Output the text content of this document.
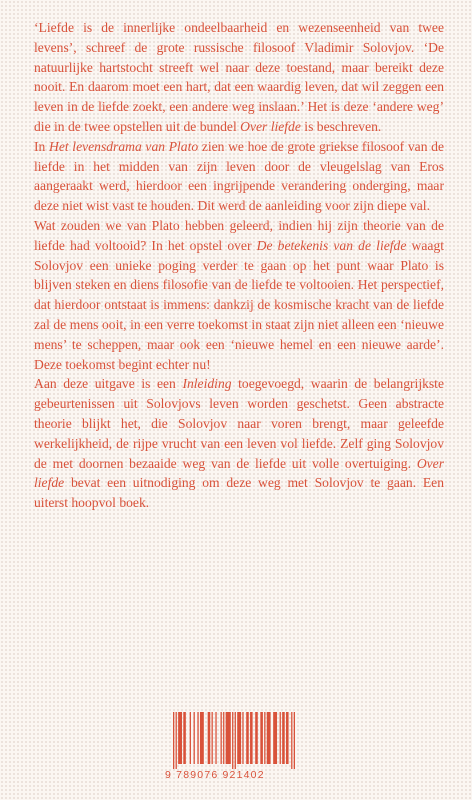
‘Liefde is de innerlijke ondeelbaarheid en wezenseenheid van twee levens’, schreef de grote russische filosoof Vladimir Solovjov. ‘De natuurlijke hartstocht streeft wel naar deze toestand, maar bereikt deze nooit. En daarom moet een hart, dat een waardig leven, dat wil zeggen een leven in de liefde zoekt, een andere weg inslaan.’ Het is deze ‘andere weg’ die in de twee opstellen uit de bundel Over liefde is beschreven.

In Het levensdrama van Plato zien we hoe de grote griekse filosoof van de liefde in het midden van zijn leven door de vleugelslag van Eros aangeraakt werd, hierdoor een ingrijpende verandering onderging, maar deze niet wist vast te houden. Dit werd de aanleiding voor zijn diepe val.

Wat zouden we van Plato hebben geleerd, indien hij zijn theorie van de liefde had voltooid? In het opstel over De betekenis van de liefde waagt Solovjov een unieke poging verder te gaan op het punt waar Plato is blijven steken en diens filosofie van de liefde te voltooien. Het perspectief, dat hierdoor ontstaat is immens: dankzij de kosmische kracht van de liefde zal de mens ooit, in een verre toekomst in staat zijn niet alleen een ‘nieuwe mens’ te scheppen, maar ook een ‘nieuwe hemel en een nieuwe aarde’. Deze toekomst begint echter nu!

Aan deze uitgave is een Inleiding toegevoegd, waarin de belangrijkste gebeurtenissen uit Solovjovs leven worden geschetst. Geen abstracte theorie blijkt het, die Solovjov naar voren brengt, maar geleefde werkelijkheid, de rijpe vrucht van een leven vol liefde. Zelf ging Solovjov de met doornen bezaaide weg van de liefde uit volle overtuiging. Over liefde bevat een uitnodiging om deze weg met Solovjov te gaan. Een uiterst hoopvol boek.

9 789076 921402
